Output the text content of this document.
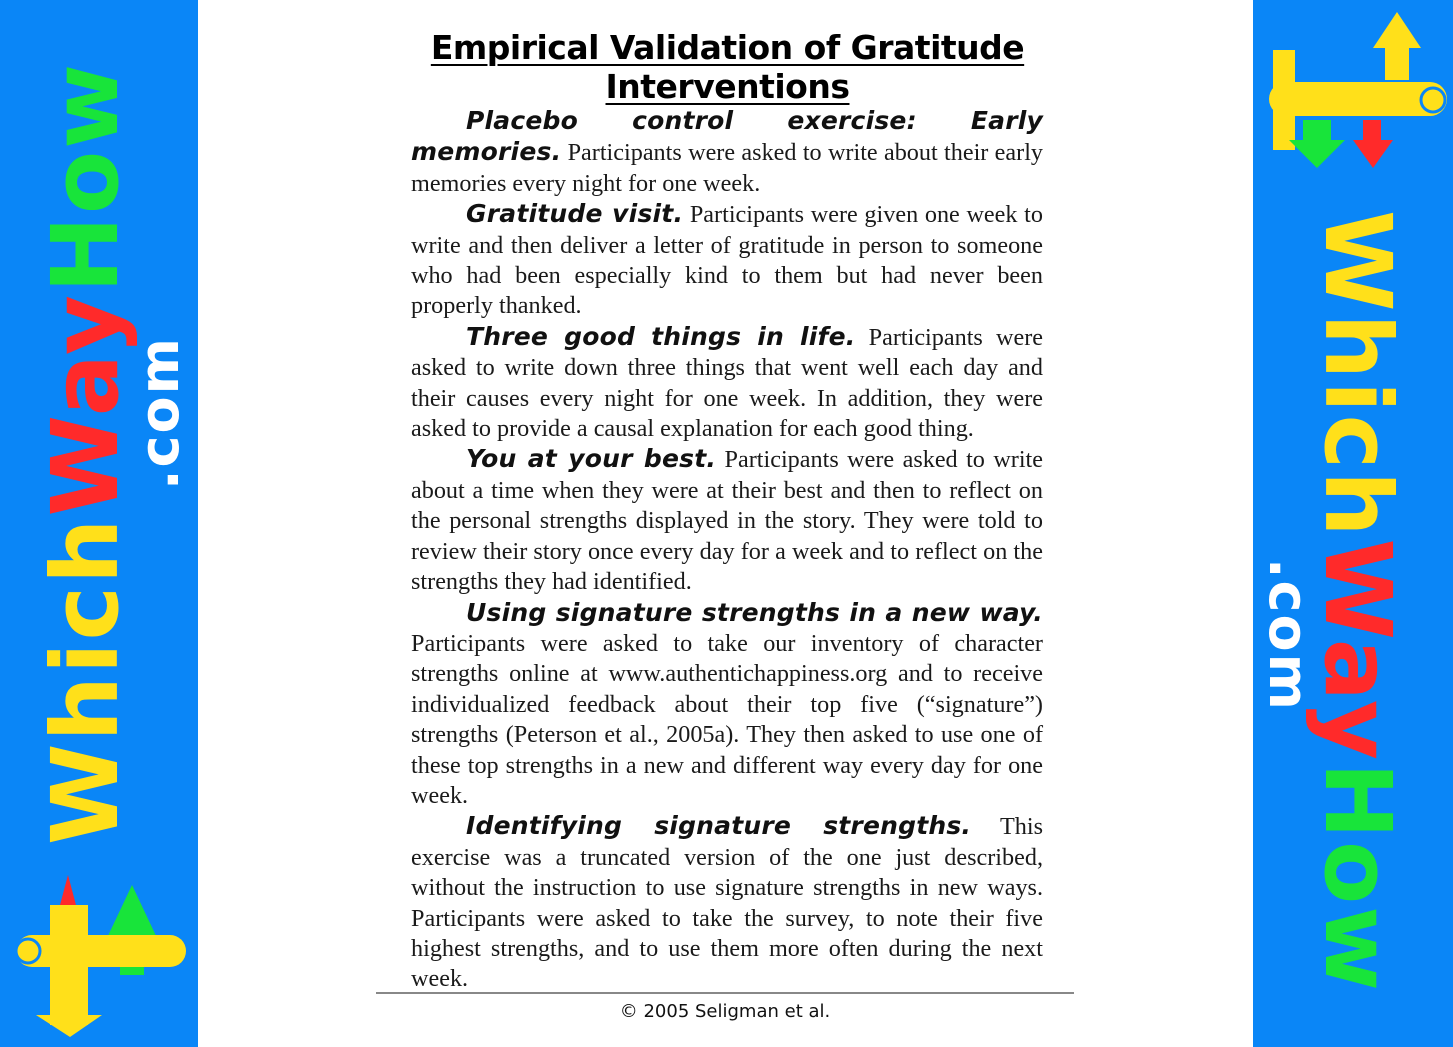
WhichWayHow
.com	WhichWayHow
.com
Empirical Validation of Gratitude Interventions

Placebo control exercise: Early memories. Participants were asked to write about their early memories every night for one week.

Gratitude visit. Participants were given one week to write and then deliver a letter of gratitude in person to someone who had been especially kind to them but had never been properly thanked.

Three good things in life. Participants were asked to write down three things that went well each day and their causes every night for one week. In addition, they were asked to provide a causal explanation for each good thing.

You at your best. Participants were asked to write about a time when they were at their best and then to reflect on the personal strengths displayed in the story. They were told to review their story once every day for a week and to reflect on the strengths they had identified.

Using signature strengths in a new way. Participants were asked to take our inventory of character strengths online at www.authentichappiness.org and to receive individualized feedback about their top five (“signature”) strengths (Peterson et al., 2005a). They then asked to use one of these top strengths in a new and different way every day for one week.

Identifying signature strengths. This exercise was a truncated version of the one just described, without the instruction to use signature strengths in new ways. Participants were asked to take the survey, to note their five highest strengths, and to use them more often during the next week.

© 2005 Seligman et al.
